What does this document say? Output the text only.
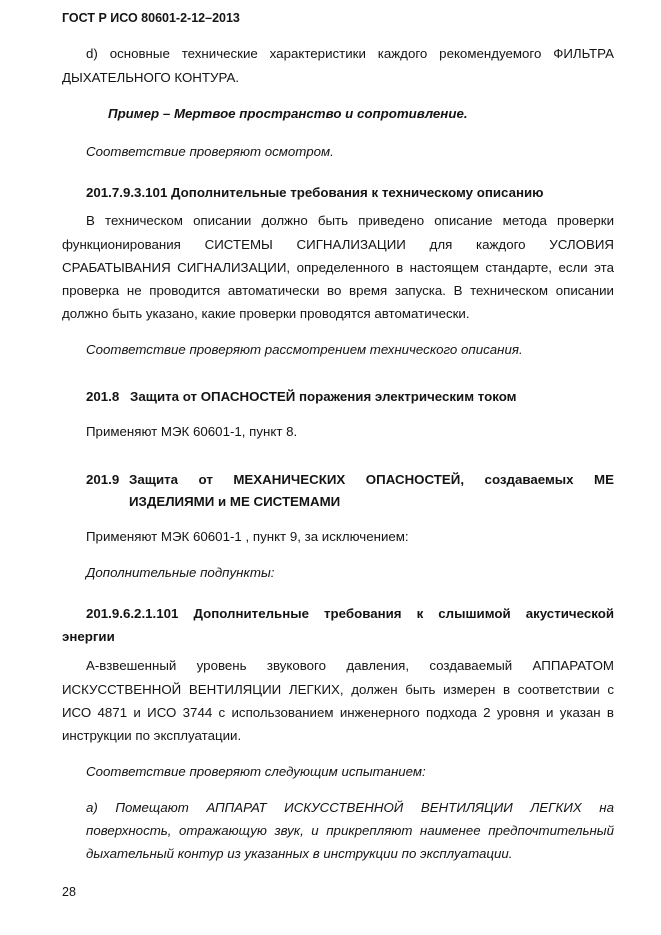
ГОСТ Р ИСО 80601-2-12–2013
d) основные технические характеристики каждого рекомендуемого ФИЛЬТРА
ДЫХАТЕЛЬНОГО КОНТУРА.
Пример – Мертвое пространство и сопротивление.
Соответствие проверяют осмотром.
201.7.9.3.101 Дополнительные требования к техническому описанию
В техническом описании должно быть приведено описание метода проверки
функционирования СИСТЕМЫ СИГНАЛИЗАЦИИ для каждого УСЛОВИЯ
СРАБАТЫВАНИЯ СИГНАЛИЗАЦИИ, определенного в настоящем стандарте, если эта
проверка не проводится автоматически во время запуска. В техническом описании
должно быть указано, какие проверки проводятся автоматически.
Соответствие проверяют рассмотрением технического описания.
201.8 Защита от ОПАСНОСТЕЙ поражения электрическим током
Применяют МЭК 60601-1, пункт 8.
201.9 Защита от МЕХАНИЧЕСКИХ ОПАСНОСТЕЙ, создаваемых МЕ
ИЗДЕЛИЯМИ и МЕ СИСТЕМАМИ
Применяют МЭК 60601-1 , пункт 9, за исключением:
Дополнительные подпункты:
201.9.6.2.1.101 Дополнительные требования к слышимой акустической
энергии
A-взвешенный уровень звукового давления, создаваемый АППАРАТОМ
ИСКУССТВЕННОЙ ВЕНТИЛЯЦИИ ЛЕГКИХ, должен быть измерен в соответствии с
ИСО 4871 и ИСО 3744 с использованием инженерного подхода 2 уровня и указан в
инструкции по эксплуатации.
Соответствие проверяют следующим испытанием:
а) Помещают АППАРАТ ИСКУССТВЕННОЙ ВЕНТИЛЯЦИИ ЛЕГКИХ на
поверхность, отражающую звук, и прикрепляют наименее предпочтительный
дыхательный контур из указанных в инструкции по эксплуатации.
28
